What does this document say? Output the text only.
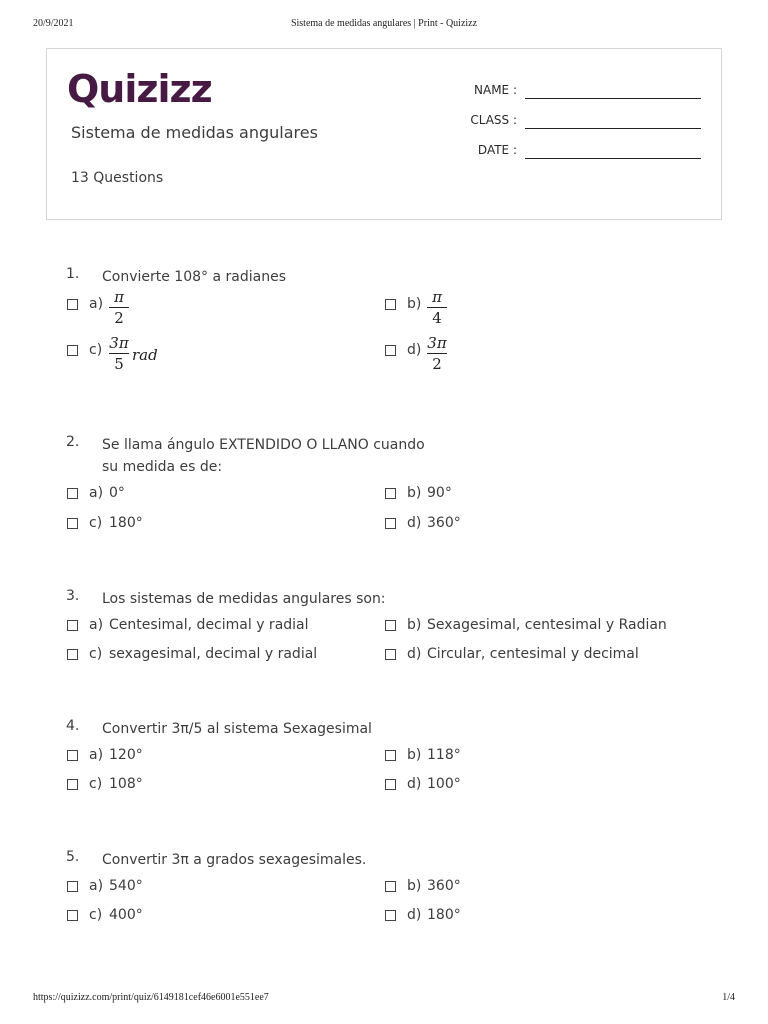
20/9/2021	Sistema de medidas angulares | Print - Quizizz
Quizizz
Sistema de medidas angulares
13 Questions
NAME :
CLASS :
DATE :
1. Convierte 108° a radianes
a) π
2
b) π
4
c) 3π
5 rad	d) 3π
2
2. Se llama ángulo EXTENDIDO O LLANO cuando su medida es de:
a) 0°	b) 90°
c) 180°	d) 360°
3. Los sistemas de medidas angulares son:
a) Centesimal, decimal y radial	b) Sexagesimal, centesimal y Radian
c) sexagesimal, decimal y radial	d) Circular, centesimal y decimal
4. Convertir 3π/5 al sistema Sexagesimal
a) 120°	b) 118°
c) 108°	d) 100°
5. Convertir 3π a grados sexagesimales.
a) 540°	b) 360°
c) 400°	d) 180°
https://quizizz.com/print/quiz/6149181cef46e6001e551ee7	1/4
